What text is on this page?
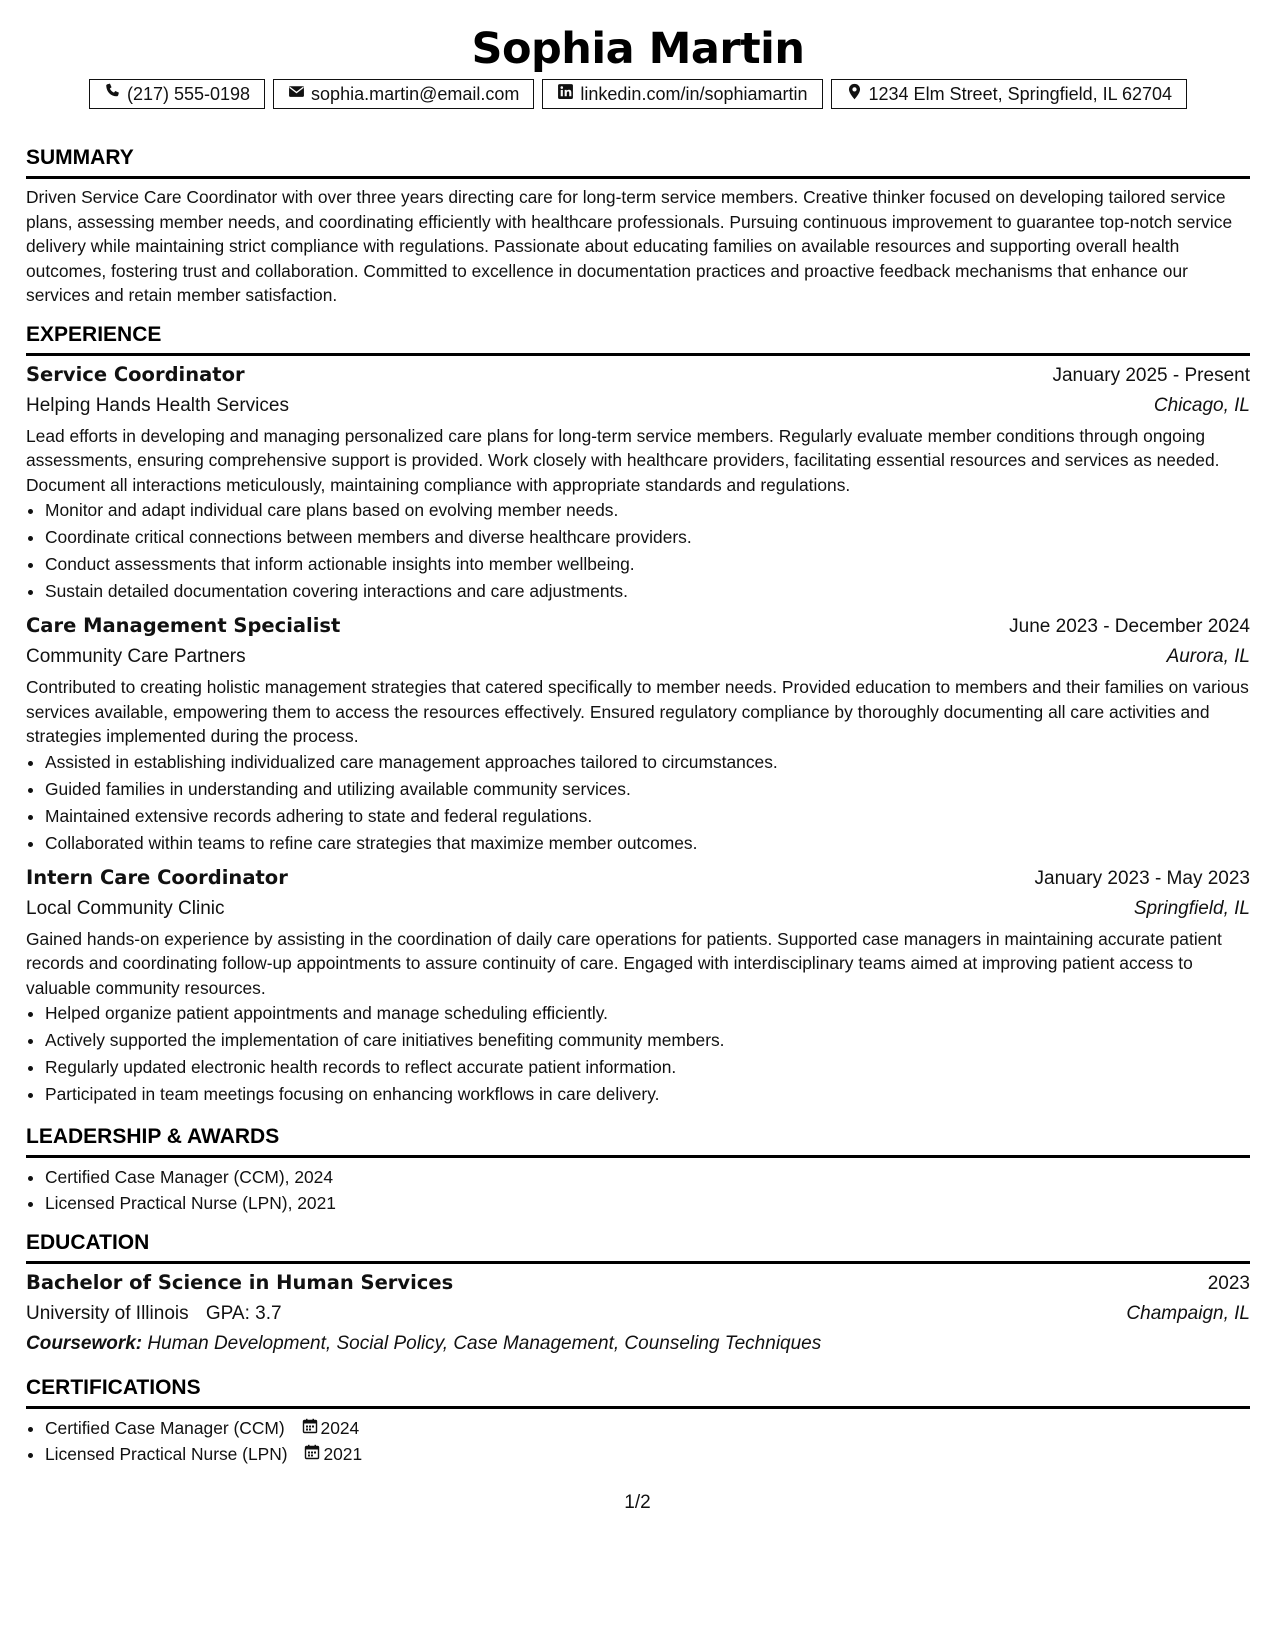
Sophia Martin
(217) 555-0198	sophia.martin@email.com	linkedin.com/in/sophiamartin	1234 Elm Street, Springfield, IL 62704
SUMMARY

Driven Service Care Coordinator with over three years directing care for long-term service members. Creative thinker focused on developing tailored service plans, assessing member needs, and coordinating efficiently with healthcare professionals. Pursuing continuous improvement to guarantee top-notch service delivery while maintaining strict compliance with regulations. Passionate about educating families on available resources and supporting overall health outcomes, fostering trust and collaboration. Committed to excellence in documentation practices and proactive feedback mechanisms that enhance our services and retain member satisfaction.

EXPERIENCE
Service Coordinator	January 2025 - Present
Helping Hands Health Services	Chicago, IL

Lead efforts in developing and managing personalized care plans for long-term service members. Regularly evaluate member conditions through ongoing assessments, ensuring comprehensive support is provided. Work closely with healthcare providers, facilitating essential resources and services as needed. Document all interactions meticulously, maintaining compliance with appropriate standards and regulations.

• Monitor and adapt individual care plans based on evolving member needs.
• Coordinate critical connections between members and diverse healthcare providers.
• Conduct assessments that inform actionable insights into member wellbeing.
• Sustain detailed documentation covering interactions and care adjustments.
Care Management Specialist	June 2023 - December 2024
Community Care Partners	Aurora, IL

Contributed to creating holistic management strategies that catered specifically to member needs. Provided education to members and their families on various services available, empowering them to access the resources effectively. Ensured regulatory compliance by thoroughly documenting all care activities and strategies implemented during the process.

• Assisted in establishing individualized care management approaches tailored to circumstances.
• Guided families in understanding and utilizing available community services.
• Maintained extensive records adhering to state and federal regulations.
• Collaborated within teams to refine care strategies that maximize member outcomes.
Intern Care Coordinator	January 2023 - May 2023
Local Community Clinic	Springfield, IL

Gained hands-on experience by assisting in the coordination of daily care operations for patients. Supported case managers in maintaining accurate patient records and coordinating follow-up appointments to assure continuity of care. Engaged with interdisciplinary teams aimed at improving patient access to valuable community resources.

• Helped organize patient appointments and manage scheduling efficiently.
• Actively supported the implementation of care initiatives benefiting community members.
• Regularly updated electronic health records to reflect accurate patient information.
• Participated in team meetings focusing on enhancing workflows in care delivery.
LEADERSHIP & AWARDS
• Certified Case Manager (CCM), 2024
• Licensed Practical Nurse (LPN), 2021
EDUCATION
Bachelor of Science in Human Services	2023
University of Illinois GPA: 3.7	Champaign, IL
Coursework: Human Development, Social Policy, Case Management, Counseling Techniques
CERTIFICATIONS
• Certified Case Manager (CCM) 2024
• Licensed Practical Nurse (LPN) 2021
1/2
